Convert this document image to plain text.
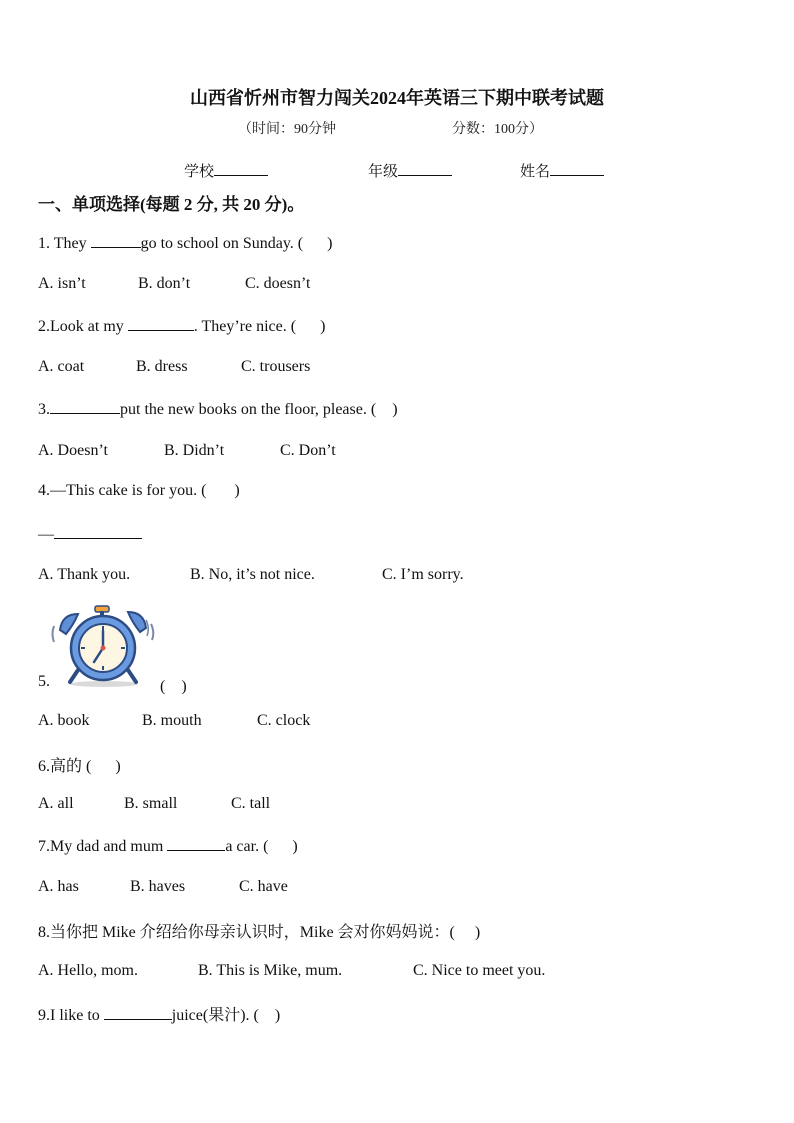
山西省忻州市智力闯关2024年英语三下期中联考试题
（时间：90分钟	分数：100分）
学校	年级	姓名
一、单项选择(每题 2 分, 共 20 分)。
1. They	go to school on Sunday. ( )
A. isn’t	B. don’t	C. doesn’t
2.Look at my	. They’re nice. ( )
A. coat	B. dress	C. trousers
3.	put the new books on the floor, please. ( )
A. Doesn’t	B. Didn’t	C. Don’t
4.—This cake is for you. ( )
—
A. Thank you.	B. No, it’s not nice.	C. I’m sorry.
5.	(　)
A. book	B. mouth	C. clock
6.高的 ( )
A. all	B. small	C. tall
7.My dad and mum	a car. ( )
A. has	B. haves	C. have
8.当你把 Mike 介绍给你母亲认识时，Mike 会对你妈妈说：( )
A. Hello, mom.	B. This is Mike, mum.	C. Nice to meet you.
9.I like to	juice(果汁). ( )
